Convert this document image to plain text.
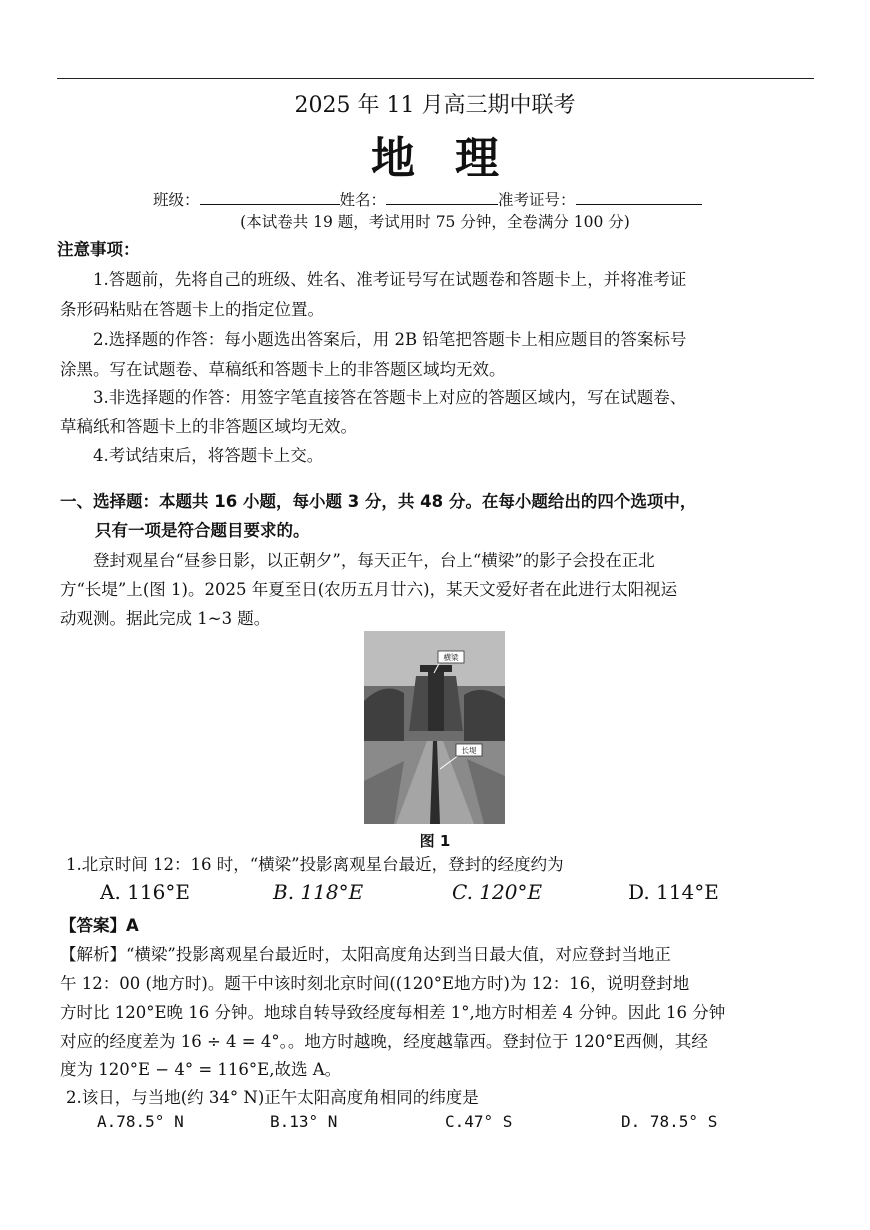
2025 年 11 月高三期中联考
地理
班级：	姓名：	准考证号：
(本试卷共 19 题，考试用时 75 分钟，全卷满分 100 分)
注意事项：
1.答题前，先将自己的班级、姓名、准考证号写在试题卷和答题卡上，并将准考证
条形码粘贴在答题卡上的指定位置。
2.选择题的作答：每小题选出答案后，用 2B 铅笔把答题卡上相应题目的答案标号
涂黑。写在试题卷、草稿纸和答题卡上的非答题区域均无效。
3.非选择题的作答：用签字笔直接答在答题卡上对应的答题区域内，写在试题卷、
草稿纸和答题卡上的非答题区域均无效。
4.考试结束后，将答题卡上交。
一、选择题：本题共 16 小题，每小题 3 分，共 48 分。在每小题给出的四个选项中，
只有一项是符合题目要求的。
登封观星台“昼参日影，以正朝夕”，每天正午，台上“横梁”的影子会投在正北
方“长堤”上(图 1)。2025 年夏至日(农历五月廿六)，某天文爱好者在此进行太阳视运
动观测。据此完成 1~3 题。
横梁
长堤
图 1
1.北京时间 12：16 时，“横梁”投影离观星台最近，登封的经度约为
A. 116°E	B. 118°E	C. 120°E	D. 114°E
【答案】A
【解析】“横梁”投影离观星台最近时，太阳高度角达到当日最大值，对应登封当地正
午 12：00 (地方时)。题干中该时刻北京时间((120°E地方时)为 12：16，说明登封地
方时比 120°E晚 16 分钟。地球自转导致经度每相差 1°,地方时相差 4 分钟。因此 16 分钟
对应的经度差为 16 ÷ 4 = 4°。。地方时越晚，经度越靠西。登封位于 120°E西侧，其经
度为 120°E − 4° = 116°E,故选 A。
2.该日，与当地(约 34° N)正午太阳高度角相同的纬度是
A.78.5° N	B.13° N	C.47° S	D. 78.5° S
